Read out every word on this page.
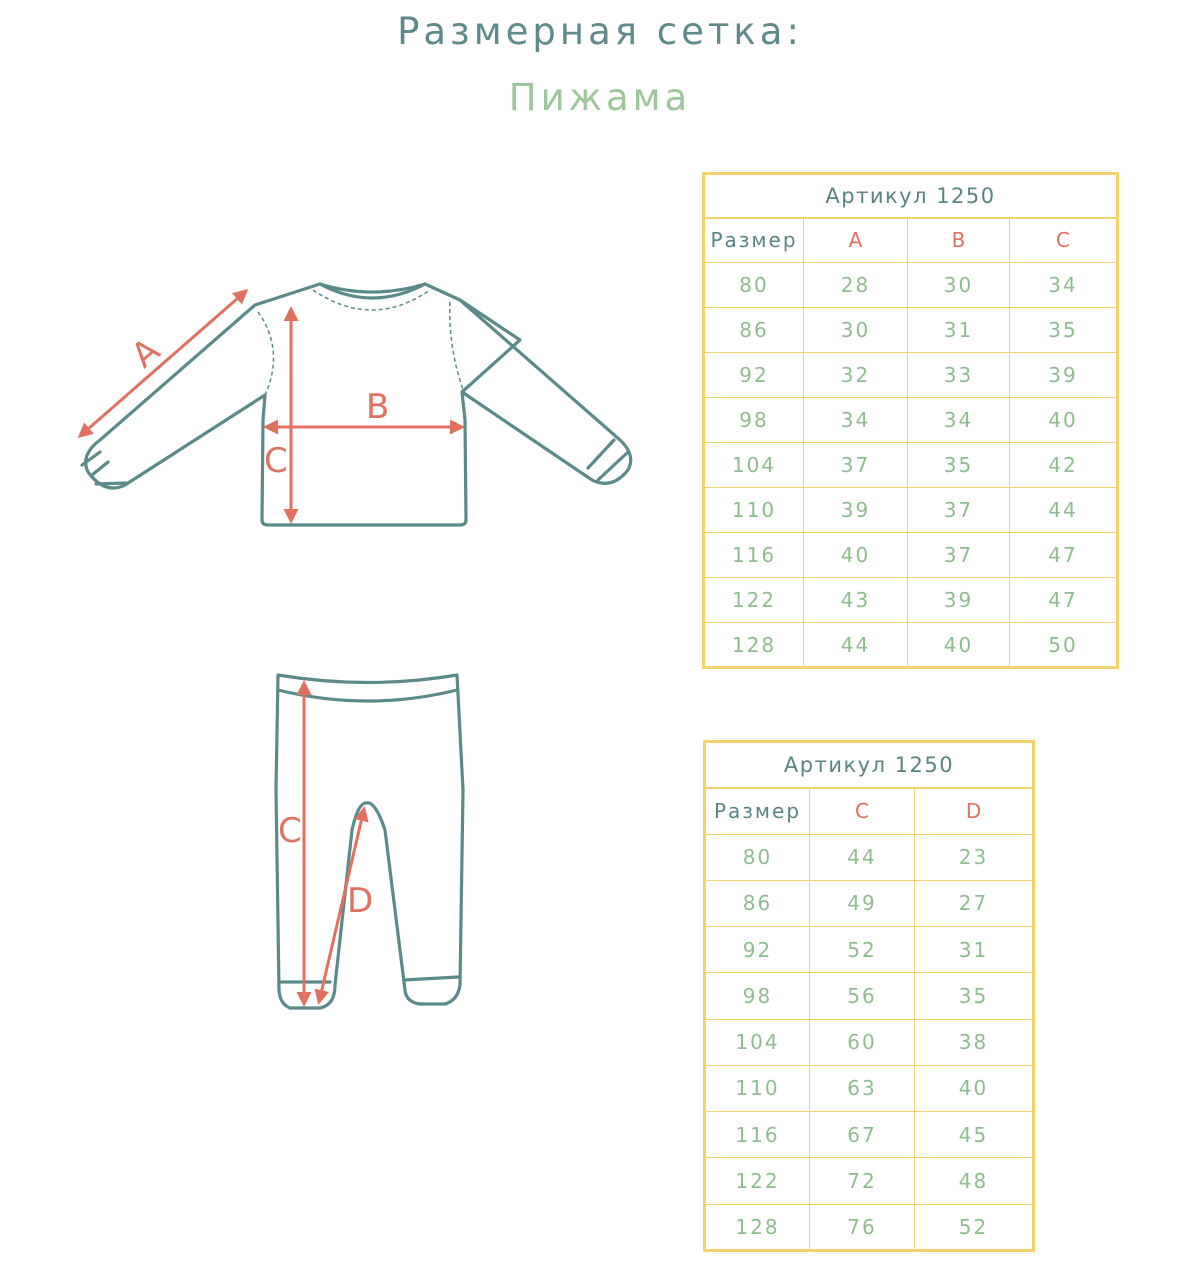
Размерная сетка:
Пижама
A
B
C
C
D
Артикул 1250			
Размер	A	B	C
80	28	30	34
86	30	31	35
92	32	33	39
98	34	34	40
104	37	35	42
110	39	37	44
116	40	37	47
122	43	39	47
128	44	40	50
Артикул 1250		
Размер	C	D
80	44	23
86	49	27
92	52	31
98	56	35
104	60	38
110	63	40
116	67	45
122	72	48
128	76	52
